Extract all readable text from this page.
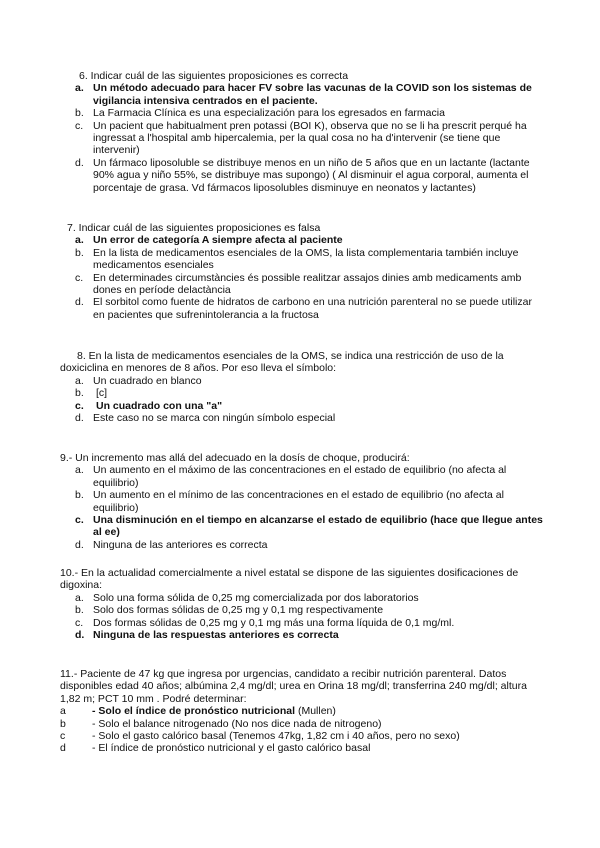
6. Indicar cuál de las siguientes proposiciones es correcta

a. Un método adecuado para hacer FV sobre las vacunas de la COVID son los sistemas de vigilancia intensiva centrados en el paciente.
b. La Farmacia Clínica es una especialización para los egresados en farmacia
c. Un pacient que habitualment pren potassi (BOI K), observa que no se li ha prescrit perqué ha ingressat a l'hospital amb hipercalemia, per la qual cosa no ha d'intervenir (se tiene que intervenir)
d. Un fármaco liposoluble se distribuye menos en un niño de 5 años que en un lactante (lactante 90% agua y niño 55%, se distribuye mas supongo) ( Al disminuir el agua corporal, aumenta el porcentaje de grasa. Vd fármacos liposolubles disminuye en neonatos y lactantes)

7. Indicar cuál de las siguientes proposiciones es falsa

a. Un error de categoría A siempre afecta al paciente
b. En la lista de medicamentos esenciales de la OMS, la lista complementaria también incluye medicamentos esenciales
c. En determinades circumstàncies és possible realitzar assajos dinies amb medicaments amb dones en període delactància
d. El sorbitol como fuente de hidratos de carbono en una nutrición parenteral no se puede utilizar en pacientes que sufrenintolerancia a la fructosa

8. En la lista de medicamentos esenciales de la OMS, se indica una restricción de uso de la doxiciclina en menores de 8 años. Por eso lleva el símbolo:

a. Un cuadrado en blanco
b. [c]
c. Un cuadrado con una "a"
d. Este caso no se marca con ningún símbolo especial

9.- Un incremento mas allá del adecuado en la dosís de choque, producirá:

a. Un aumento en el máximo de las concentraciones en el estado de equilibrio (no afecta al equilibrio)
b. Un aumento en el mínimo de las concentraciones en el estado de equilibrio (no afecta al equilibrio)
c. Una disminución en el tiempo en alcanzarse el estado de equilibrio (hace que llegue antes al ee)
d. Ninguna de las anteriores es correcta

10.- En la actualidad comercialmente a nivel estatal se dispone de las siguientes dosificaciones de digoxina:

a. Solo una forma sólida de 0,25 mg comercializada por dos laboratorios
b. Solo dos formas sólidas de 0,25 mg y 0,1 mg respectivamente
c. Dos formas sólidas de 0,25 mg y 0,1 mg más una forma líquida de 0,1 mg/ml.
d. Ninguna de las respuestas anteriores es correcta

11.- Paciente de 47 kg que ingresa por urgencias, candidato a recibir nutrición parenteral. Datos disponibles edad 40 años; albúmina 2,4 mg/dl; urea en Orina 18 mg/dl; transferrina 240 mg/dl; altura 1,82 m; PCT 10 mm . Podré determinar:

a - Solo el índice de pronóstico nutricional (Mullen)
b - Solo el balance nitrogenado (No nos dice nada de nitrogeno)
c	- Solo el gasto calórico basal (Tenemos 47kg, 1,82 cm i 40 años, pero no sexo)
d - El índice de pronóstico nutricional y el gasto calórico basal
